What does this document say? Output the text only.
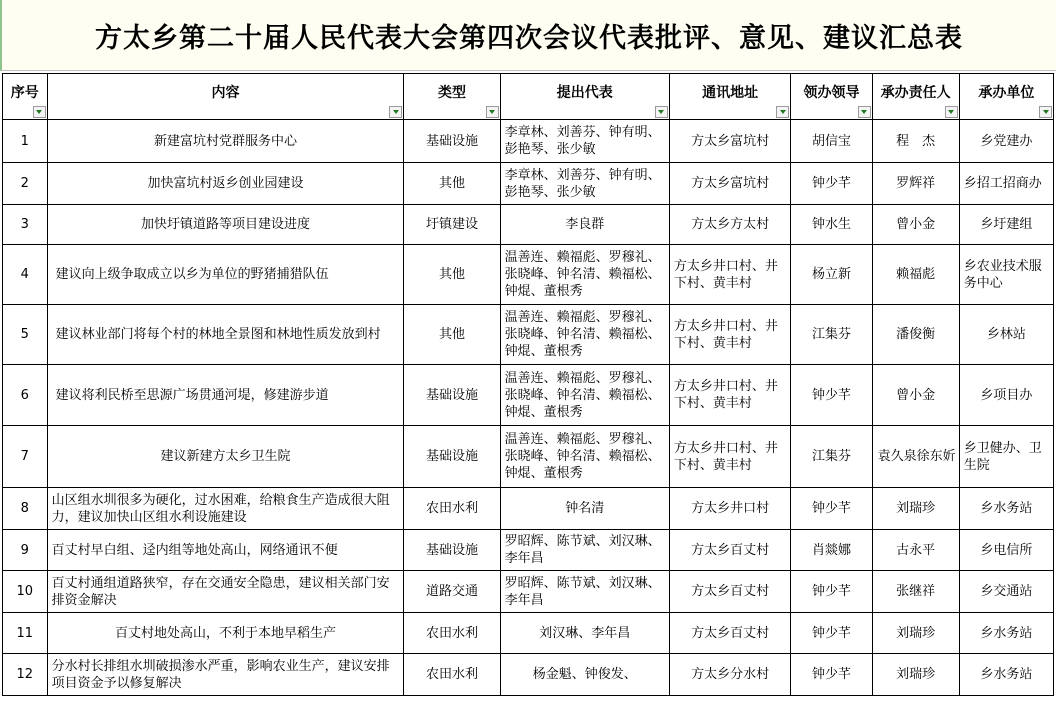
方太乡第二十届人民代表大会第四次会议代表批评、意见、建议汇总表
序号	内容	类型	提出代表	通讯地址	领办领导	承办责任人	承办单位

1	新建富坑村党群服务中心	基础设施	李章林、刘善芬、钟有明、彭艳琴、张少敏	方太乡富坑村	胡信宝	程　杰	乡党建办
2	加快富坑村返乡创业园建设	其他	李章林、刘善芬、钟有明、彭艳琴、张少敏	方太乡富坑村	钟少芊	罗辉祥	乡招工招商办
3	加快圩镇道路等项目建设进度	圩镇建设	李良群	方太乡方太村	钟水生	曾小金	乡圩建组
4	建议向上级争取成立以乡为单位的野猪捕猎队伍	其他	温善连、赖福彪、罗穆礼、张晓峰、钟名清、赖福松、钟焜、董根秀	方太乡井口村、井下村、黄丰村	杨立新	赖福彪	乡农业技术服务中心
5	建议林业部门将每个村的林地全景图和林地性质发放到村	其他	温善连、赖福彪、罗穆礼、张晓峰、钟名清、赖福松、钟焜、董根秀	方太乡井口村、井下村、黄丰村	江集芬	潘俊衡	乡林站
6	建议将利民桥至思源广场贯通河堤，修建游步道	基础设施	温善连、赖福彪、罗穆礼、张晓峰、钟名清、赖福松、钟焜、董根秀	方太乡井口村、井下村、黄丰村	钟少芊	曾小金	乡项目办
7	建议新建方太乡卫生院	基础设施	温善连、赖福彪、罗穆礼、张晓峰、钟名清、赖福松、钟焜、董根秀	方太乡井口村、井下村、黄丰村	江集芬	袁久泉徐东妡	乡卫健办、卫生院
8	山区组水圳很多为硬化，过水困难，给粮食生产造成很大阻力，建议加快山区组水利设施建设	农田水利	钟名清	方太乡井口村	钟少芊	刘瑞珍	乡水务站
9	百丈村早白组、迳内组等地处高山，网络通讯不便	基础设施	罗昭辉、陈节斌、刘汉琳、李年昌	方太乡百丈村	肖燚娜	古永平	乡电信所
10	百丈村通组道路狭窄，存在交通安全隐患，建议相关部门安排资金解决	道路交通	罗昭辉、陈节斌、刘汉琳、李年昌	方太乡百丈村	钟少芊	张继祥	乡交通站
11	百丈村地处高山，不利于本地早稻生产	农田水利	刘汉琳、李年昌	方太乡百丈村	钟少芊	刘瑞珍	乡水务站
12	分水村长排组水圳破损渗水严重，影响农业生产，建议安排项目资金予以修复解决	农田水利	杨金魁、钟俊发、	方太乡分水村	钟少芊	刘瑞珍	乡水务站
